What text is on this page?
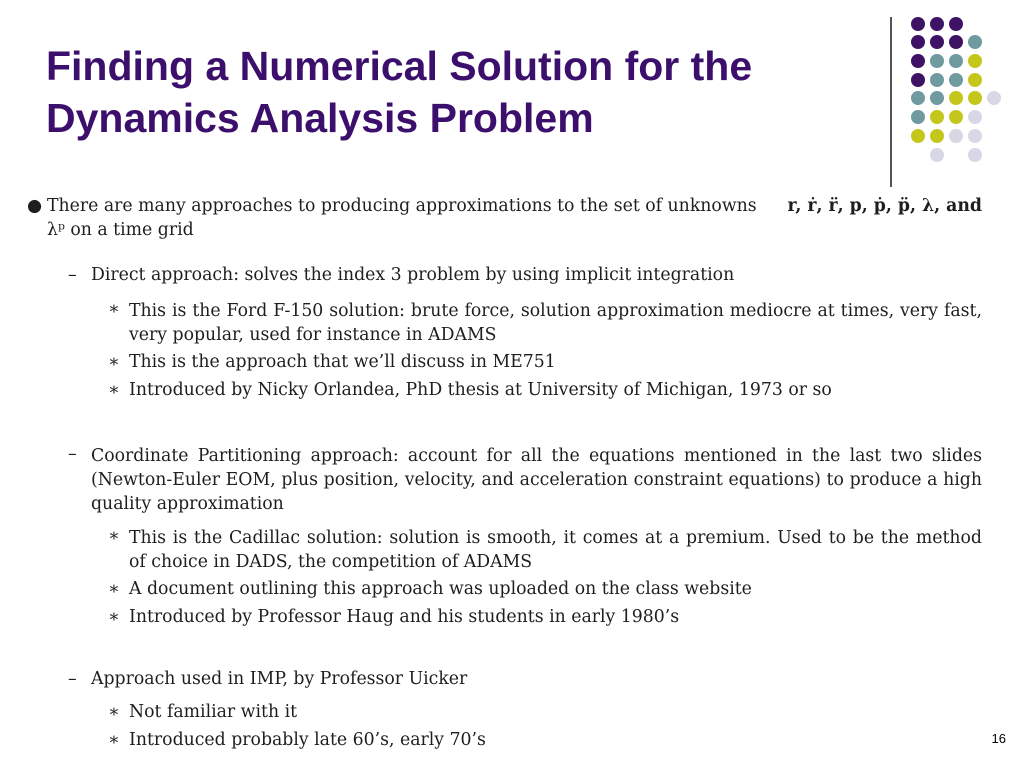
Finding a Numerical Solution for the
Dynamics Analysis Problem
● There are many approaches to producing approximations to the set of unknowns r, ṙ, r̈, p, ṗ, p̈, λ, and
λᵖ on a time grid
– Direct approach: solves the index 3 problem by using implicit integration
∗ This is the Ford F-150 solution: brute force, solution approximation mediocre at times, very fast, very popular, used for instance in ADAMS
∗ This is the approach that we’ll discuss in ME751
∗ Introduced by Nicky Orlandea, PhD thesis at University of Michigan, 1973 or so
– Coordinate Partitioning approach: account for all the equations mentioned in the last two slides (Newton-Euler EOM, plus position, velocity, and acceleration constraint equations) to produce a high quality approximation
∗ This is the Cadillac solution: solution is smooth, it comes at a premium. Used to be the method of choice in DADS, the competition of ADAMS
∗ A document outlining this approach was uploaded on the class website
∗ Introduced by Professor Haug and his students in early 1980’s
– Approach used in IMP, by Professor Uicker
∗ Not familiar with it
∗ Introduced probably late 60’s, early 70’s	16
